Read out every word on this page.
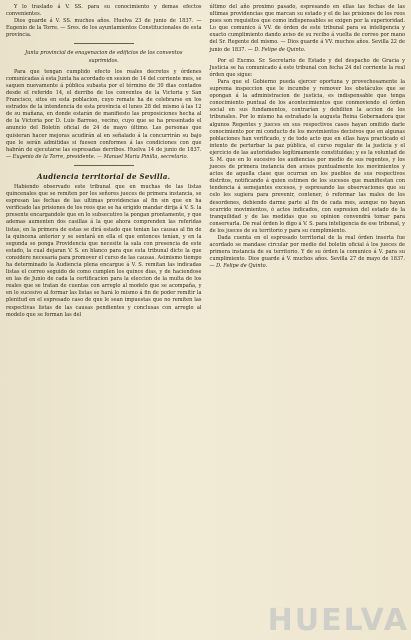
Y lo traslado á V. SS. para su conocimiento y demas efectos convenientes.

Dios guarde á V. SS. muchos años. Huelva 23 de junio de 1837. — Eugenio de la Torre. — Sres. de los ayuntamientos Constitucionales de esta provincia.

Junta provincial de enagenacion de edificios de los conventos suprimidos.

Para que tengan cumplido efecto los reales decretos y órdenes comunicadas á esta Junta ha acordado en sesion de 14 del corriente mes, se saquen nuevamente á pública subasta por el término de 30 dias contados desde el referido 14, el derribo de los conventos de la Victoria y San Francisco, sitos en esta poblacion, cuyo remate ha de celebrarse en los estrados de la intendencia de esta provincia el lunes 28 del mismo á las 12 de su mañana, en donde estarán de manifiesto las proposiciones hecha al de la Victoria por D. Luis Barroso, vecino, cuyo que se ha presentado el anuncio del Boletín oficial de 24 de mayo último. Las personas que quisieran hacer mejoras acudirán al en señalado á la concurrirán su bajo que le serán admitidas si fuesen conformes á las condiciones con que habrán de ejecutarse las espresadas derribos. Huelva 14 de junio de 1837. — Eugenio de la Torre, presidente. — Manuel Maria Pinilla, secretario.

Audiencia territorial de Sevilla.

Habiendo observado este tribunal que en muchas de las listas quincenales que se remiten por los señores jueces de primera instancia, se espresan las fechas de las ultimas providencias al fin sin que en ha verificado las prisiones de los reos que se ha erigido mandar dirija á V. S. la presente encargandole que en lo subsecutivo la pongan prontamente, y que ademas aumenten dos casillas á la que ahora comprenden las referidas listas, en la primera de estas se dirá estado que tenian las causas al fin de la quincena anterior y se sentará en ella el que entonces tenían, y en la segunda se ponga Providencia que necesite la sala con presencia de este estado, la cual dejaran V. S. en blanco para que esta tribunal dicte la que considere necesaria para promover el curso de las causas. Asimismo tiempo ha determinado la Audiencia plena encargue á V. S. remitan las indicadas listas el correo seguido de como cumplen los quince dias, y de haciendose en las de Junio de cada la certificacion para la eleccion de la multa de los reales que se tratan de cuentas con arreglo al modelo que se acompaña, y en lo sucesivo al formar las listas se hará lo mismo á fin de poder remitir la plenitud en el espresado caso de que le sean impuestas que no remiten las respectivas listas de las causas pendientes y conclusas con arreglo al modelo que se forman las del

último del año proximo pasado, espresando en ellas las fechas de las ultimas providencias que marcan su estado y el de las prisiones de los reos pues son requisitos que como indispensables se exigen por la superioridad. Lo que comunico á VV. de órden de este tribunal para su inteligencia y exacto cumplimiento dando aviso de su recibo á vuelta de correo por mano del Sr. Regente del mismo. — Dios guarde á VV. muchos años. Sevilla 22 de junio de 1837. — D. Felipe de Quinto.

Por el Excmo. Sr. Secretario de Estado y del despacho de Gracia y Justicia se ha comunicado á este tribunal con fecha 24 del corriente la real órden que sigue:

Para que el Gobierno pueda ejercer oportuna y provechosamente la suprema inspeccion que le incumbe y remover los obstáculos que se opongan á la administracion de justicia, es indispensable que tenga conocimiento puntual de los acontecimientos que conmoviendo el órden social en sus fundamentos, contrarían y debiliten la accion de los tribunales. Por lo mismo ha estrañado la augusta Reina Gobernadora que algunos Regentes y jueces en sus respectivos casos hayan omitido darle conocimiento por mi conducto de los movimientos decisivos que en algunas poblaciones han verificado, y de todo acto que en ellas haya practicado el intento de perturbar la paz pública, el curso regular de la justicia y el ejercicio de las autoridades legítimamente constituidas; y es la voluntad de S. M. que en lo sucesivo los audiencias por medio de sus regentes, y los jueces de primera instancia den avisos puntualmente los movimientos y actos de aquella clase que ocurran en los pueblos de sus respectivos distritos, notificando á quien estimen de los sucesos que manifiestan con tendencia á semejantes excesos, y espresando las observaciones que su celo les sugiera para prevenir, contener, ó reformar las males de los desordenes, debiendo darme parte al fin de cada mes, aunque no hayan ocurrido movimientos, ó actos indicados, con espresion del estado de la tranquilidad y de las medidas que su opinion convendrá tomar para conservarla. De real órden lo digo á V. S. para inteligencia de ese tribunal, y de los jueces de su territorio y para su cumplimiento.

Dada cuenta en el espresado territorial de la real órden inserta fue acordado se mandase circular por medio del boletin oficial á los jueces de primera instancia de su territorio. Y de su órden la comunico á V. para su cumplimiento. Dios guarde á V. muchos años. Sevilla 27 de mayo de 1837. — D. Felipe de Quinto.

HUELVA
